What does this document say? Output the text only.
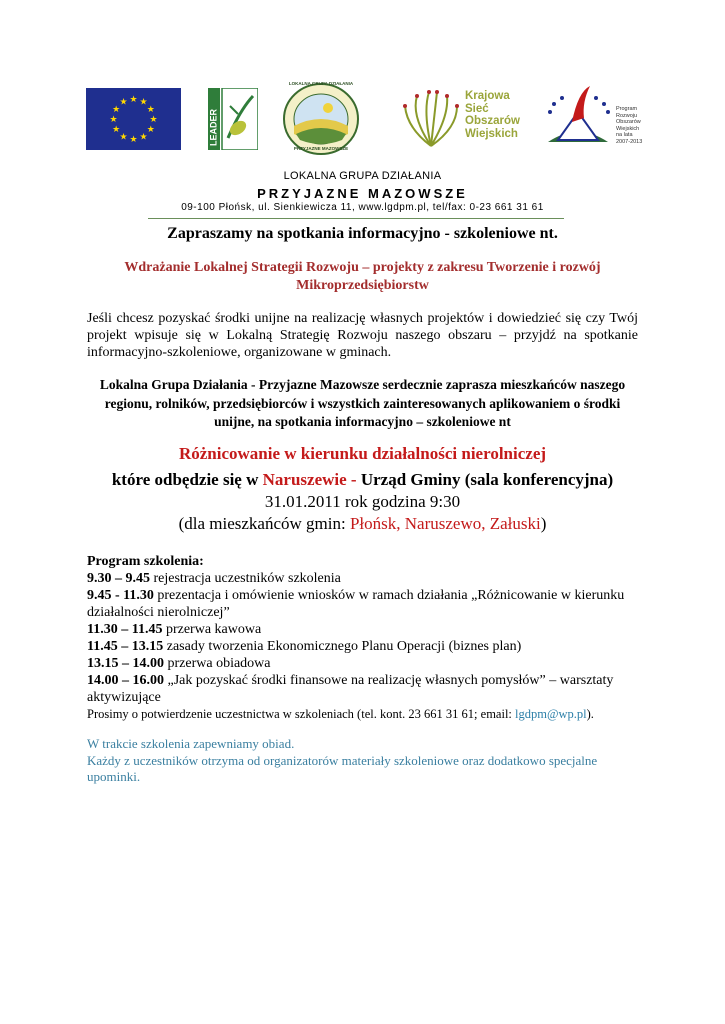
★ ★
★
★
★
★
★
★
★
★
★
★
LEADER
LOKALNA GRUPA DZIAŁANIA
PRZYJAZNE MAZOWSZE
Krajowa
Sieć
Obszarów
Wiejskich
Program
Rozwoju
Obszarów
Wiejskich
na lata 2007-2013
LOKALNA GRUPA DZIAŁANIA
PRZYJAZNE MAZOWSZE
09-100 Płońsk, ul. Sienkiewicza 11, www.lgdpm.pl, tel/fax: 0-23 661 31 61
Zapraszamy na spotkania informacyjno - szkoleniowe nt.
Wdrażanie Lokalnej Strategii Rozwoju – projekty z zakresu Tworzenie i rozwój Mikroprzedsiębiorstw
Jeśli chcesz pozyskać środki unijne na realizację własnych projektów i dowiedzieć się czy Twój projekt wpisuje się w Lokalną Strategię Rozwoju naszego obszaru – przyjdź na spotkanie informacyjno-szkoleniowe, organizowane w gminach.
Lokalna Grupa Działania - Przyjazne Mazowsze serdecznie zaprasza mieszkańców naszego regionu, rolników, przedsiębiorców i wszystkich zainteresowanych aplikowaniem o środki unijne, na spotkania informacyjno – szkoleniowe nt
Różnicowanie w kierunku działalności nierolniczej
które odbędzie się w Naruszewie - Urząd Gminy (sala konferencyjna)
31.01.2011 rok godzina 9:30
(dla mieszkańców gmin: Płońsk, Naruszewo, Załuski)
Program szkolenia:
9.30 – 9.45 rejestracja uczestników szkolenia
9.45 - 11.30 prezentacja i omówienie wniosków w ramach działania „Różnicowanie w kierunku działalności nierolniczej”
11.30 – 11.45 przerwa kawowa
11.45 – 13.15 zasady tworzenia Ekonomicznego Planu Operacji (biznes plan)
13.15 – 14.00 przerwa obiadowa
14.00 – 16.00 „Jak pozyskać środki finansowe na realizację własnych pomysłów” – warsztaty aktywizujące
Prosimy o potwierdzenie uczestnictwa w szkoleniach (tel. kont. 23 661 31 61; email: lgdpm@wp.pl).
W trakcie szkolenia zapewniamy obiad.
Każdy z uczestników otrzyma od organizatorów materiały szkoleniowe oraz dodatkowo specjalne upominki.
